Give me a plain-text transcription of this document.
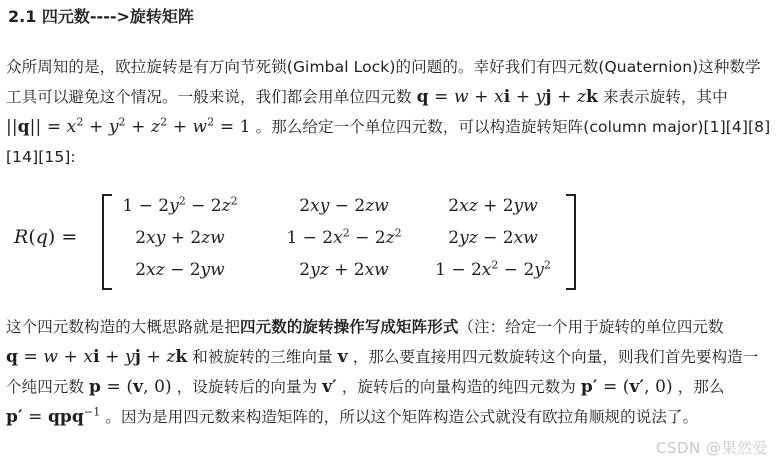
2.1 四元数---->旋转矩阵

众所周知的是，欧拉旋转是有万向节死锁(Gimbal Lock)的问题的。幸好我们有四元数(Quaternion)这种数学工具可以避免这个情况。一般来说，我们都会用单位四元数 q = w + xi + yj + zk 来表示旋转，其中 $||q|| = x^2 + y^2 + z^2 + w^2 = 1$ 。那么给定一个单位四元数，可以构造旋转矩阵(column major)[1][4][8][14][15]:

R(q) =
$1 - 2y^2 - 2z^2$	2xy − 2zw	2xz + 2yw
2xy + 2zw	$1 - 2x^2 - 2z^2$	2yz − 2xw
2xz − 2yw	2yz + 2xw	$1 - 2x^2 - 2y^2$

这个四元数构造的大概思路就是把四元数的旋转操作写成矩阵形式（注：给定一个用于旋转的单位四元数 q = w + xi + yj + zk 和被旋转的三维向量 v ，那么要直接用四元数旋转这个向量，则我们首先要构造一个纯四元数 p = (v, 0) ，设旋转后的向量为 v′ ，旋转后的向量构造的纯四元数为 p′ = (v′, 0) ，那么 p′ = qpq$^{-1}$ 。因为是用四元数来构造矩阵的，所以这个矩阵构造公式就没有欧拉角顺规的说法了。

CSDN @果然爱
